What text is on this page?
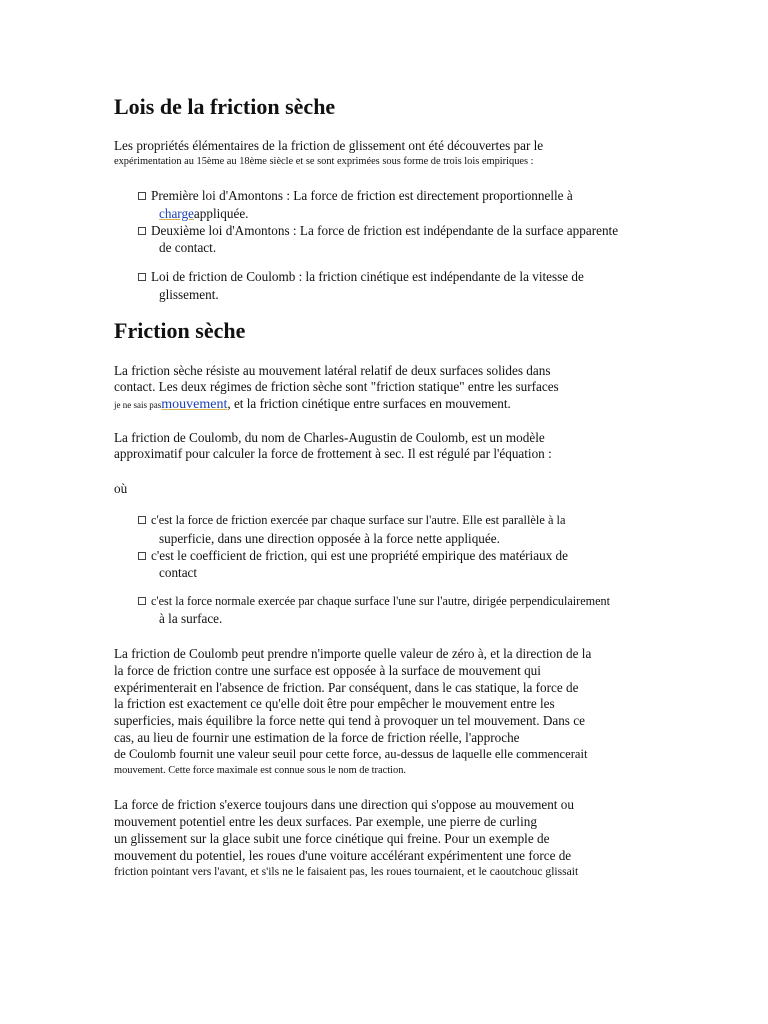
Lois de la friction sèche
Les propriétés élémentaires de la friction de glissement ont été découvertes par le
expérimentation au 15ème au 18ème siècle et se sont exprimées sous forme de trois lois empiriques :
Première loi d'Amontons : La force de friction est directement proportionnelle à
chargeappliquée.
Deuxième loi d'Amontons : La force de friction est indépendante de la surface apparente
de contact.
Loi de friction de Coulomb : la friction cinétique est indépendante de la vitesse de
glissement.
Friction sèche
La friction sèche résiste au mouvement latéral relatif de deux surfaces solides dans
contact. Les deux régimes de friction sèche sont "friction statique" entre les surfaces
je ne sais pasmouvement, et la friction cinétique entre surfaces en mouvement.
La friction de Coulomb, du nom de Charles-Augustin de Coulomb, est un modèle
approximatif pour calculer la force de frottement à sec. Il est régulé par l'équation :
où
c'est la force de friction exercée par chaque surface sur l'autre. Elle est parallèle à la
superficie, dans une direction opposée à la force nette appliquée.
c'est le coefficient de friction, qui est une propriété empirique des matériaux de
contact
c'est la force normale exercée par chaque surface l'une sur l'autre, dirigée perpendiculairement
à la surface.
La friction de Coulomb peut prendre n'importe quelle valeur de zéro à, et la direction de la
la force de friction contre une surface est opposée à la surface de mouvement qui
expérimenterait en l'absence de friction. Par conséquent, dans le cas statique, la force de
la friction est exactement ce qu'elle doit être pour empêcher le mouvement entre les
superficies, mais équilibre la force nette qui tend à provoquer un tel mouvement. Dans ce
cas, au lieu de fournir une estimation de la force de friction réelle, l'approche
de Coulomb fournit une valeur seuil pour cette force, au-dessus de laquelle elle commencerait
mouvement. Cette force maximale est connue sous le nom de traction.
La force de friction s'exerce toujours dans une direction qui s'oppose au mouvement ou
mouvement potentiel entre les deux surfaces. Par exemple, une pierre de curling
un glissement sur la glace subit une force cinétique qui freine. Pour un exemple de
mouvement du potentiel, les roues d'une voiture accélérant expérimentent une force de
friction pointant vers l'avant, et s'ils ne le faisaient pas, les roues tournaient, et le caoutchouc glissait
